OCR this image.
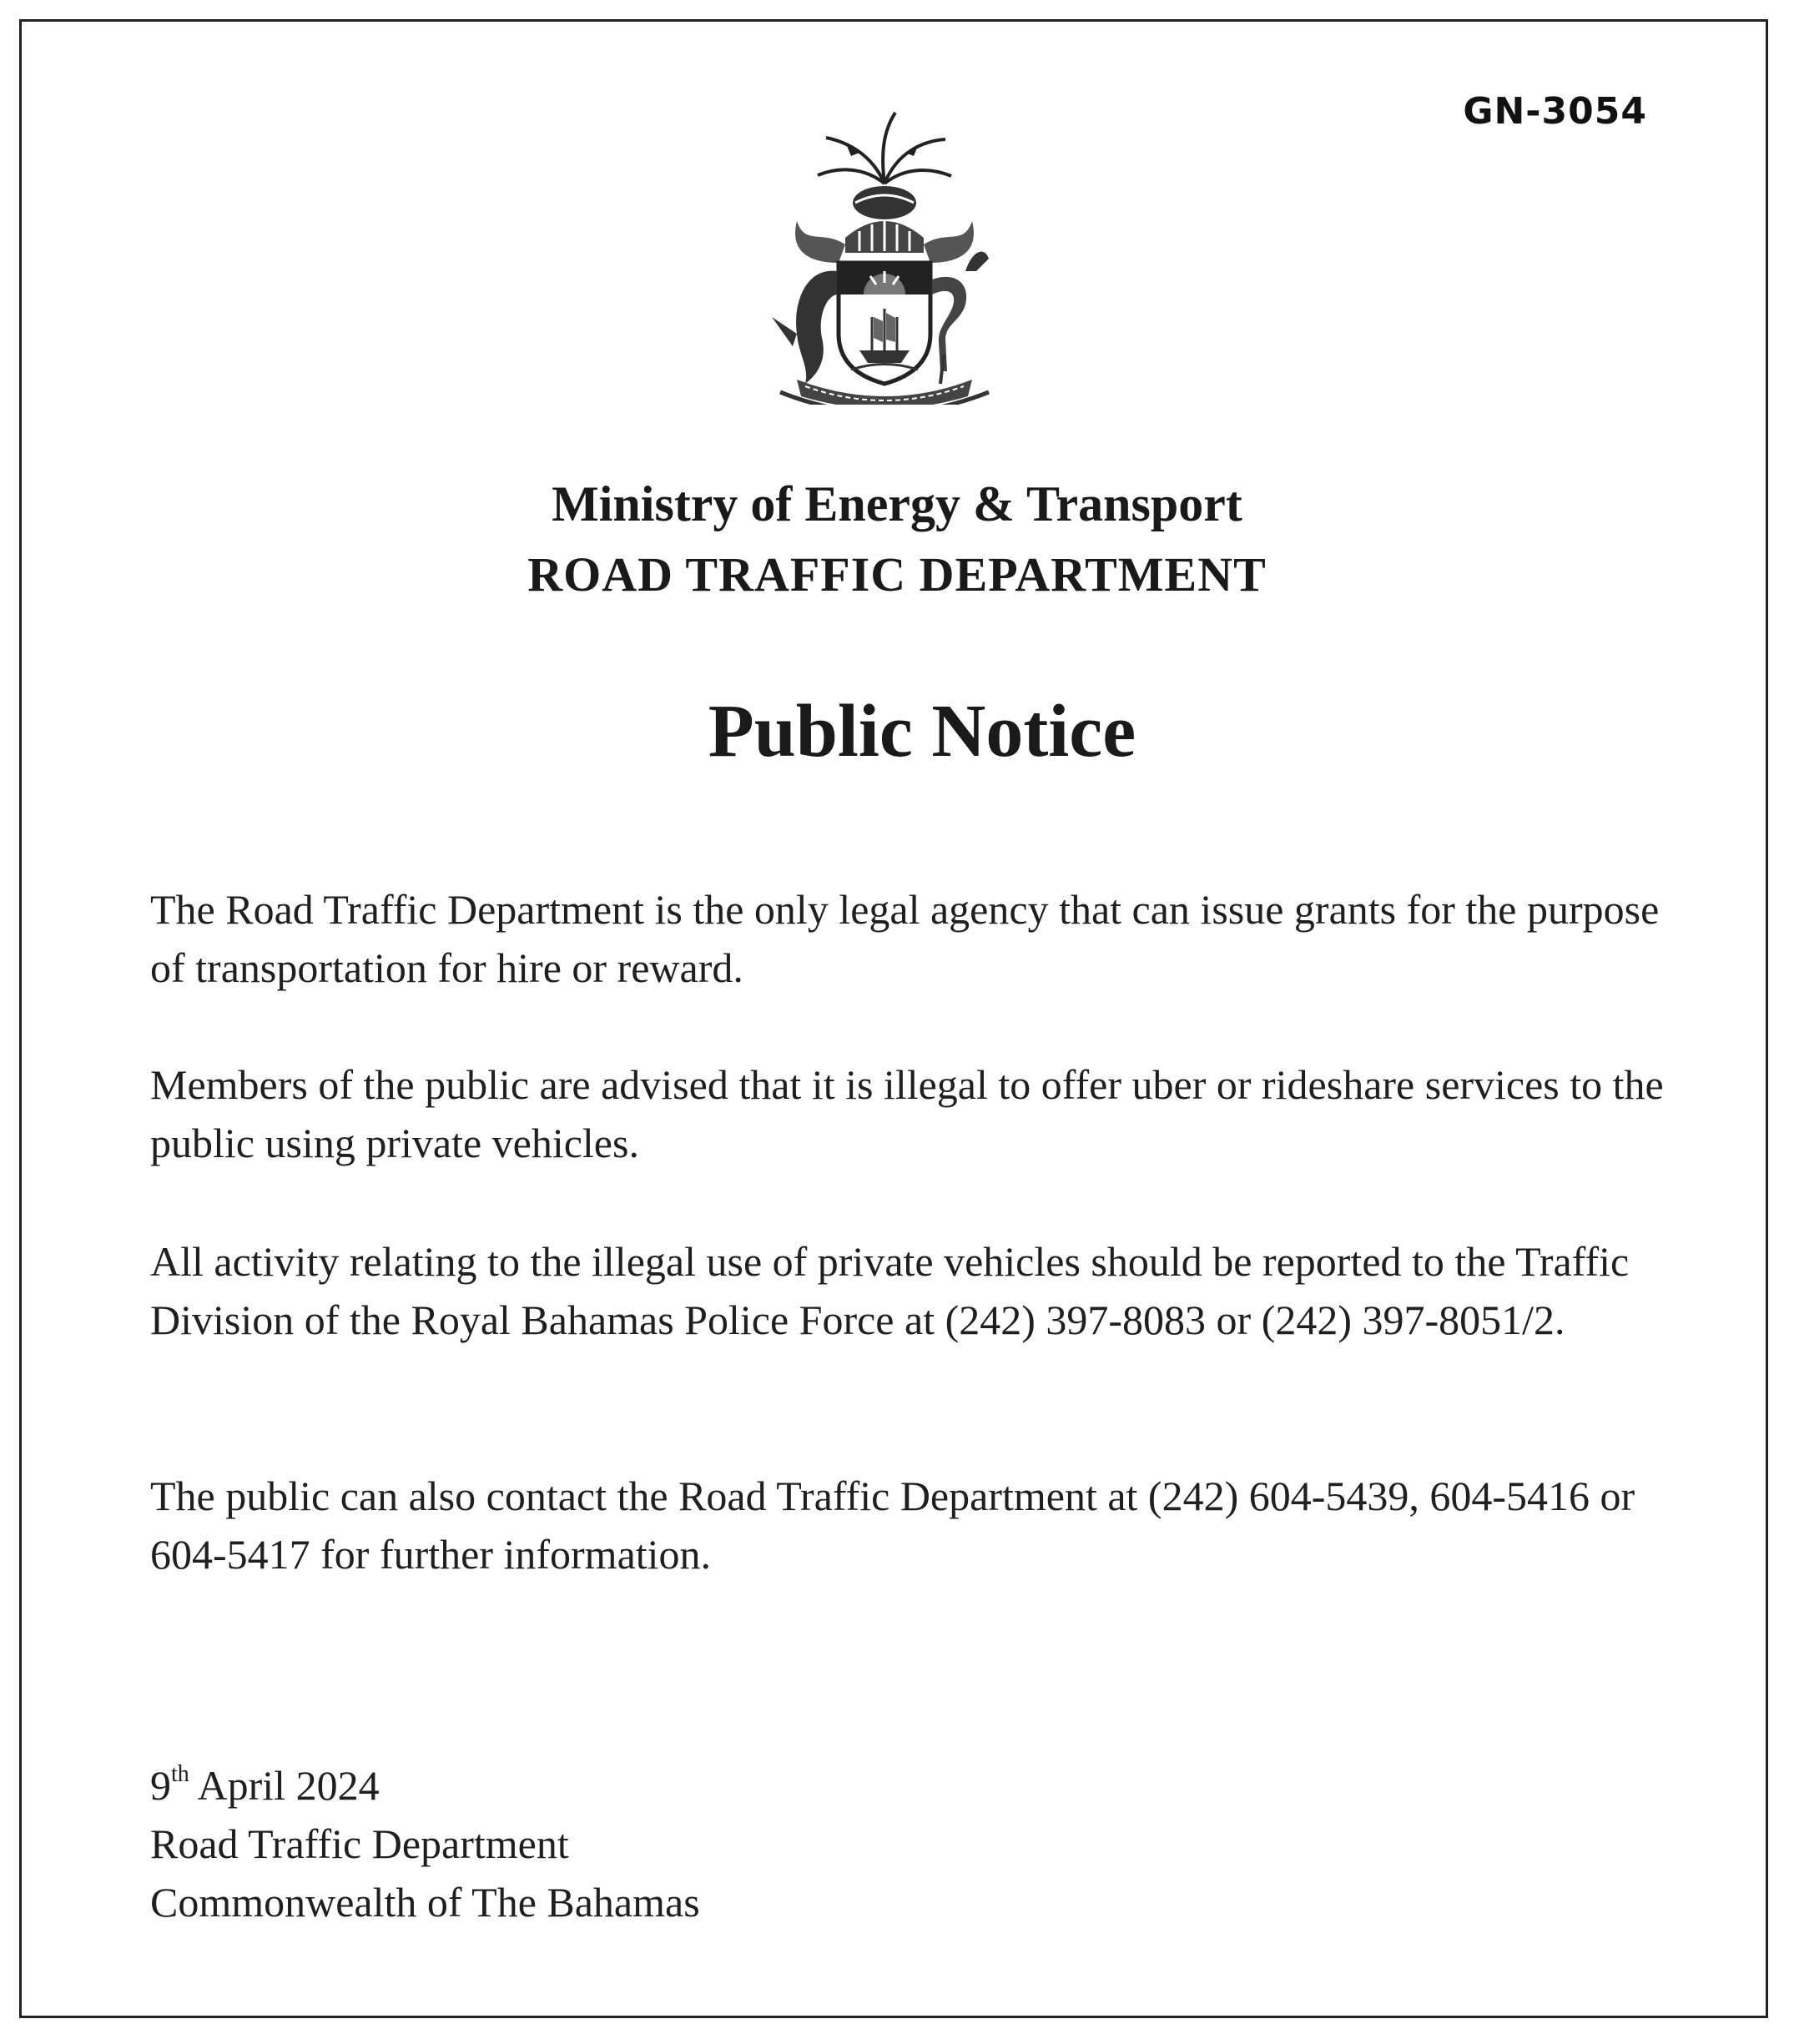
GN-3054
Ministry of Energy & Transport
ROAD TRAFFIC DEPARTMENT
Public Notice
The Road Traffic Department is the only legal agency that can issue grants for the purpose of transportation for hire or reward.
Members of the public are advised that it is illegal to offer uber or rideshare services to the public using private vehicles.
All activity relating to the illegal use of private vehicles should be reported to the Traffic Division of the Royal Bahamas Police Force at (242) 397-8083 or (242) 397-8051/2.
The public can also contact the Road Traffic Department at (242) 604-5439, 604-5416 or 604-5417 for further information.
9th April 2024
Road Traffic Department
Commonwealth of The Bahamas
